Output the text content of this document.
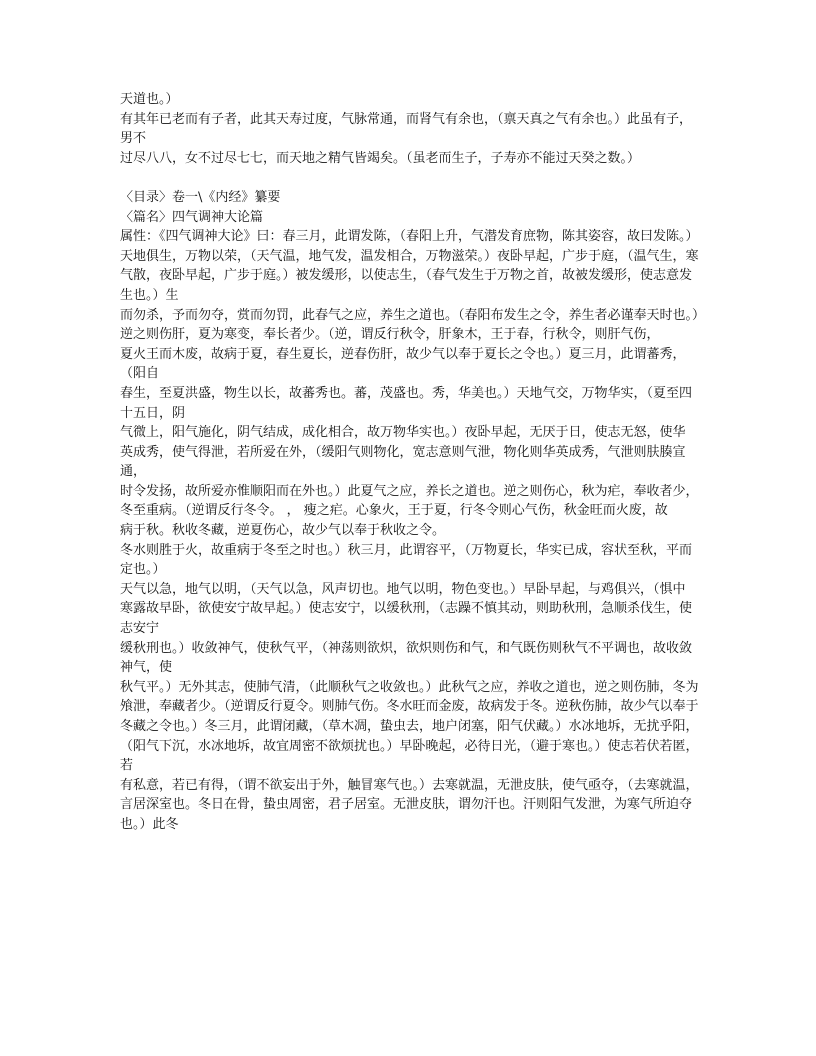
天道也。）

有其年已老而有子者，此其天寿过度，气脉常通，而肾气有余也，（禀天真之气有余也。）此虽有子，男不

过尽八八，女不过尽七七，而天地之精气皆竭矣。（虽老而生子，子寿亦不能过天癸之数。）

〈目录〉卷一\《内经》纂要

〈篇名〉四气调神大论篇

属性：《四气调神大论》曰：春三月，此谓发陈，（春阳上升，气潜发育庶物，陈其姿容，故曰发陈。）

天地俱生，万物以荣，（天气温，地气发，温发相合，万物滋荣。）夜卧早起，广步于庭，（温气生，寒

气散，夜卧早起，广步于庭。）被发缓形，以使志生，（春气发生于万物之首，故被发缓形，使志意发生也。）生

而勿杀，予而勿夺，赏而勿罚，此春气之应，养生之道也。（春阳布发生之令，养生者必谨奉天时也。）逆之则伤肝，夏为寒变，奉长者少。（逆，谓反行秋令，肝象木，王于春，行秋令，则肝气伤，

夏火王而木废，故病于夏，春生夏长，逆春伤肝，故少气以奉于夏长之令也。）夏三月，此谓蕃秀，（阳自

春生，至夏洪盛，物生以长，故蕃秀也。蕃，茂盛也。秀，华美也。）天地气交，万物华实，（夏至四十五日，阴

气微上，阳气施化，阴气结成，成化相合，故万物华实也。）夜卧早起，无厌于日，使志无怒，使华

英成秀，使气得泄，若所爱在外，（缓阳气则物化，宽志意则气泄，物化则华英成秀，气泄则肤腠宣通，

时令发扬，故所爱亦惟顺阳而在外也。）此夏气之应，养长之道也。逆之则伤心，秋为疟，奉收者少，冬至重病。（逆谓反行冬令。 ， 瘦之疟。心象火，王于夏，行冬令则心气伤，秋金旺而火废，故

病于秋。秋收冬藏，逆夏伤心，故少气以奉于秋收之令。

冬水则胜于火，故重病于冬至之时也。）秋三月，此谓容平，（万物夏长，华实已成，容状至秋，平而定也。）

天气以急，地气以明，（天气以急，风声切也。地气以明，物色变也。）早卧早起，与鸡俱兴，（惧中

寒露故早卧，欲使安宁故早起。）使志安宁，以缓秋刑，（志躁不慎其动，则助秋刑，急顺杀伐生，使志安宁

缓秋刑也。）收敛神气，使秋气平，（神荡则欲炽，欲炽则伤和气，和气既伤则秋气不平调也，故收敛神气，使

秋气平。）无外其志，使肺气清，（此顺秋气之收敛也。）此秋气之应，养收之道也，逆之则伤肺，冬为飧泄，奉藏者少。（逆谓反行夏令。则肺气伤。冬水旺而金废，故病发于冬。逆秋伤肺，故少气以奉于

冬藏之令也。）冬三月，此谓闭藏，（草木凋，蛰虫去，地户闭塞，阳气伏藏。）水冰地坼，无扰乎阳，

（阳气下沉，水冰地坼，故宜周密不欲烦扰也。）早卧晚起，必待日光，（避于寒也。）使志若伏若匿，若

有私意，若已有得，（谓不欲妄出于外，触冒寒气也。）去寒就温，无泄皮肤，使气亟夺，（去寒就温，

言居深室也。冬日在骨，蛰虫周密，君子居室。无泄皮肤，谓勿汗也。汗则阳气发泄，为寒气所迫夺也。）此冬
